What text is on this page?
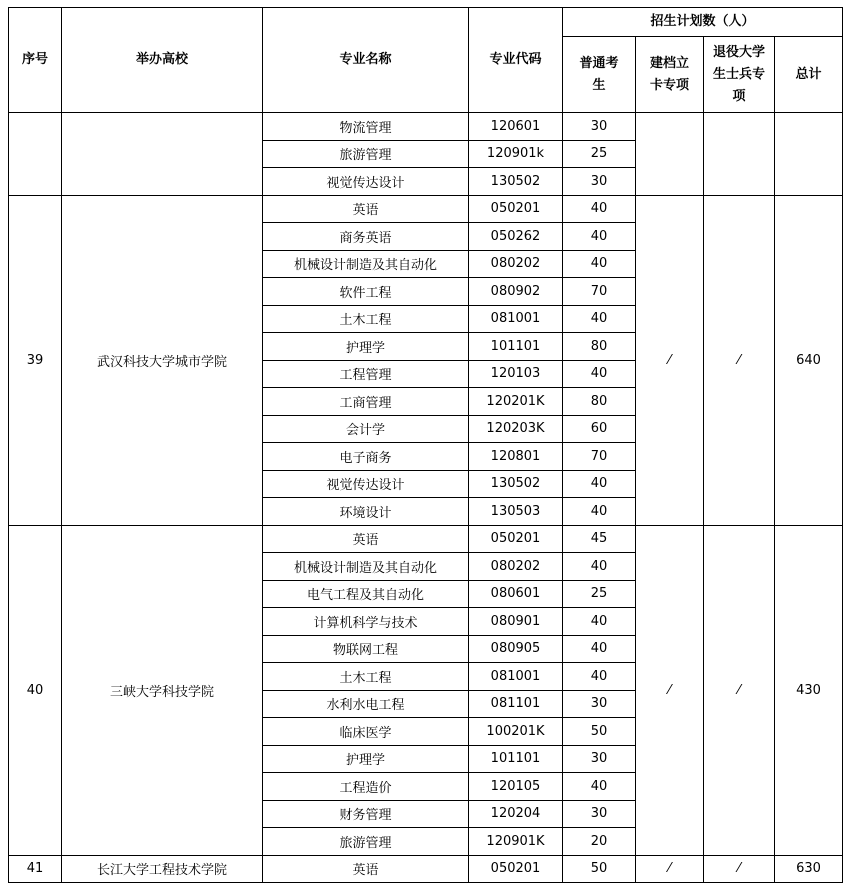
序号	举办高校	专业名称	专业代码	招生计划数（人）			
				普通考生	建档立卡专项	退役大学生士兵专项	总计
		物流管理	120601	30			
		旅游管理	120901k	25			
		视觉传达设计	130502	30			
39	武汉科技大学城市学院	英语	050201	40	⁄	⁄	640
		商务英语	050262	40			
		机械设计制造及其自动化	080202	40			
		软件工程	080902	70			
		土木工程	081001	40			
		护理学	101101	80			
		工程管理	120103	40			
		工商管理	120201K	80			
		会计学	120203K	60			
		电子商务	120801	70			
		视觉传达设计	130502	40			
		环境设计	130503	40			
40	三峡大学科技学院	英语	050201	45	⁄	⁄	430
		机械设计制造及其自动化	080202	40			
		电气工程及其自动化	080601	25			
		计算机科学与技术	080901	40			
		物联网工程	080905	40			
		土木工程	081001	40			
		水利水电工程	081101	30			
		临床医学	100201K	50			
		护理学	101101	30			
		工程造价	120105	40			
		财务管理	120204	30			
		旅游管理	120901K	20			
41	长江大学工程技术学院	英语	050201	50	⁄	⁄	630
